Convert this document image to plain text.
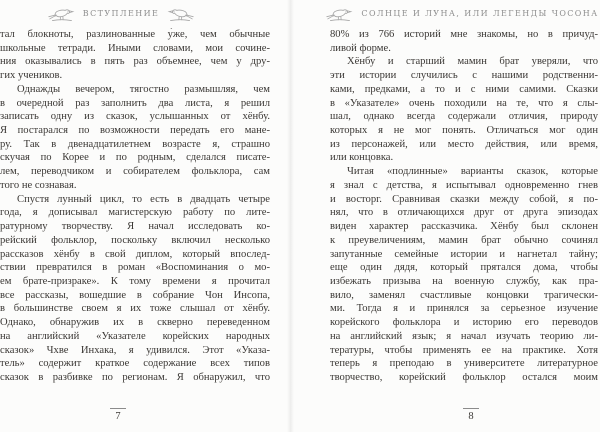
ВСТУПЛЕНИЕ
тал блокноты, разлинованные у́же, чем обычные
школьные тетради. Иными словами, мои сочине-
ния оказывались в пять раз объемнее, чем у дру-
гих учеников.
Однажды вечером, тягостно размышляя, чем
в очередной раз заполнить два листа, я решил
записать одну из сказок, услышанных от хёнбу.
Я постарался по возможности передать его мане-
ру. Так в двенадцатилетнем возрасте я, страшно
скучая по Корее и по родным, сделался писате-
лем, переводчиком и собирателем фольклора, сам
того не сознавая.
Спустя лунный цикл, то есть в двадцать четыре
года, я дописывал магистерскую работу по лите-
ратурному творчеству. Я начал исследовать ко-
рейский фольклор, поскольку включил несколько
рассказов хёнбу в свой диплом, который впослед-
ствии превратился в роман «Воспоминания о мо-
ем брате-призраке». К тому времени я прочитал
все рассказы, вошедшие в собрание Чон Инсопа,
в большинстве своем я их тоже слышал от хёнбу.
Однако, обнаружив их в скверно переведенном
на английский «Указателе корейских народных
сказок» Чхве Инхака, я удивился. Этот «Указа-
тель» содержит краткое содержание всех типов
сказок в разбивке по регионам. Я обнаружил, что
7
СОЛНЦЕ И ЛУНА, ИЛИ ЛЕГЕНДЫ ЧОСОНА
80% из 766 историй мне знакомы, но в причуд-
ливой форме.
Хёнбу и старший мамин брат уверяли, что
эти истории случились с нашими родственни-
ками, предками, а то и с ними самими. Сказки
в «Указателе» очень походили на те, что я слы-
шал, однако всегда содержали отличия, природу
которых я не мог понять. Отличаться мог один
из персонажей, или место действия, или время,
или концовка.
Читая «подлинные» варианты сказок, которые
я знал с детства, я испытывал одновременно гнев
и восторг. Сравнивая сказки между собой, я по-
нял, что в отличающихся друг от друга эпизодах
виден характер рассказчика. Хёнбу был склонен
к преувеличениям, мамин брат обычно сочинял
запутанные семейные истории и нагнетал тайну;
еще один дядя, который прятался дома, чтобы
избежать призыва на военную службу, как пра-
вило, заменял счастливые концовки трагически-
ми. Тогда я и принялся за серьезное изучение
корейского фольклора и историю его переводов
на английский язык; я начал изучать теорию ли-
тературы, чтобы применять ее на практике. Хотя
теперь я преподаю в университете литературное
творчество, корейский фольклор остался моим
8
